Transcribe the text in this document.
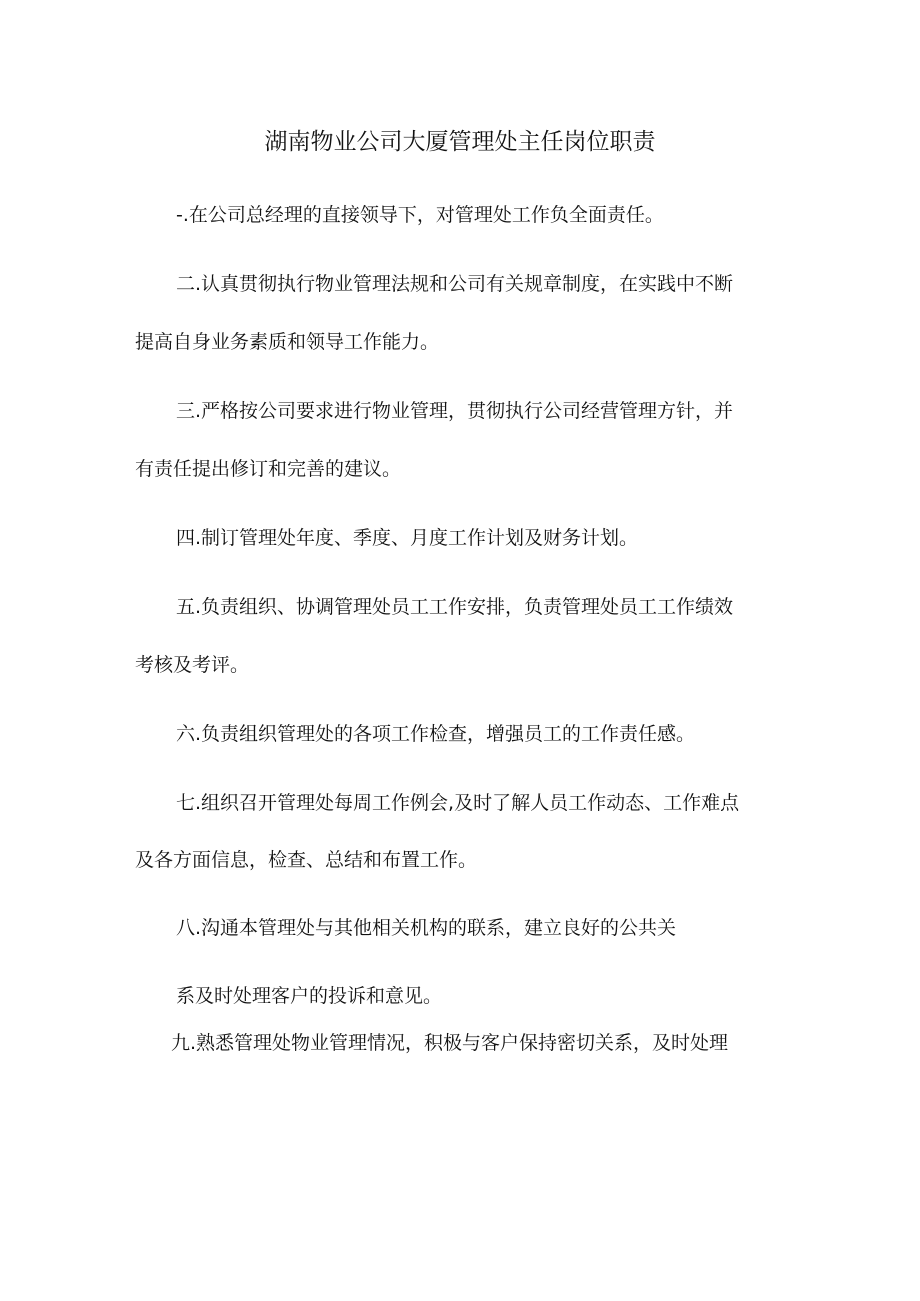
湖南物业公司大厦管理处主任岗位职责
-.在公司总经理的直接领导下，对管理处工作负全面责任。
二.认真贯彻执行物业管理法规和公司有关规章制度，在实践中不断
提高自身业务素质和领导工作能力。
三.严格按公司要求进行物业管理，贯彻执行公司经营管理方针，并
有责任提出修订和完善的建议。
四.制订管理处年度、季度、月度工作计划及财务计划。
五.负责组织、协调管理处员工工作安排，负责管理处员工工作绩效
考核及考评。
六.负责组织管理处的各项工作检查，增强员工的工作责任感。
七.组织召开管理处每周工作例会,及时了解人员工作动态、工作难点
及各方面信息，检查、总结和布置工作。
八.沟通本管理处与其他相关机构的联系，建立良好的公共关
系及时处理客户的投诉和意见。
九.熟悉管理处物业管理情况，积极与客户保持密切关系，及时处理
